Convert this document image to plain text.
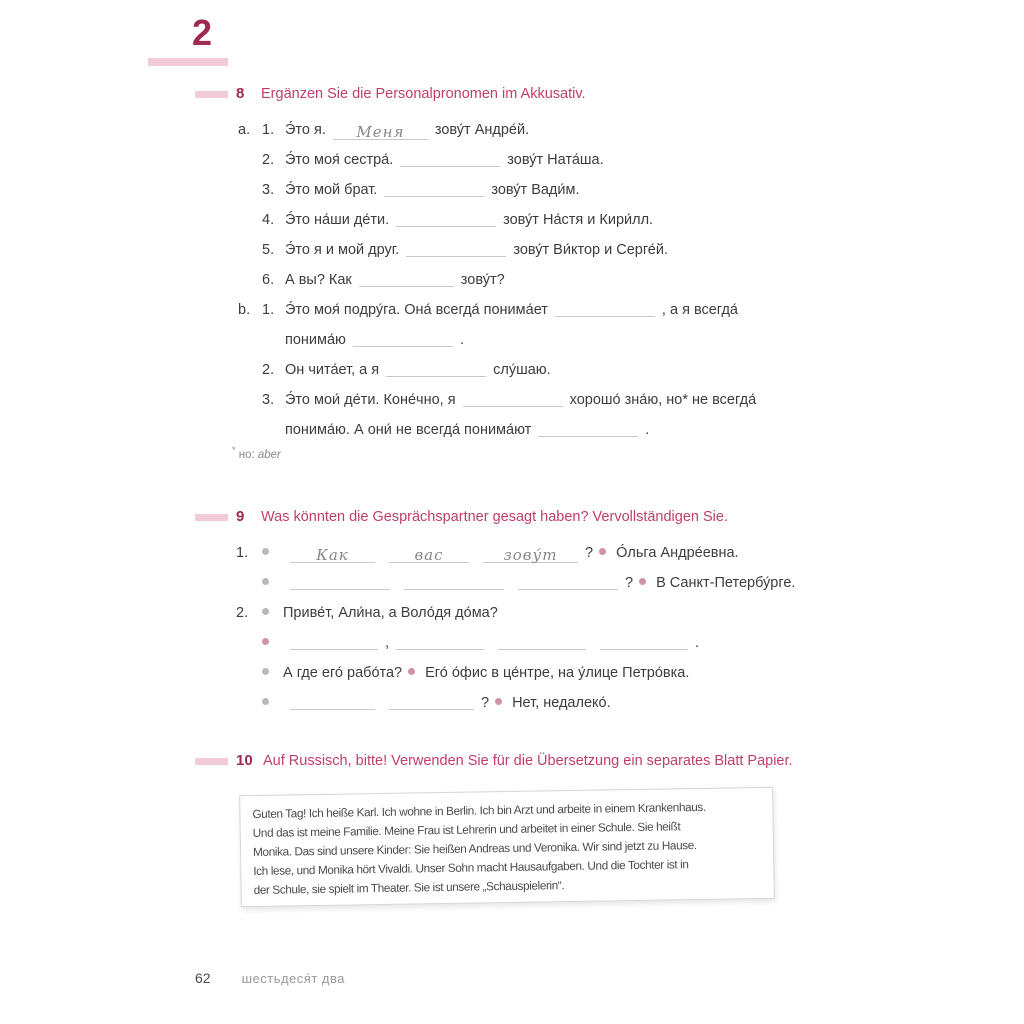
2
8 Ergänzen Sie die Personalpronomen im Akkusativ.
a. 1. Э́то я.	Меня	зову́т Андре́й.
2. Э́то моя́ сестра́.	зову́т Ната́ша.
3. Э́то мой брат.	зову́т Вади́м.
4. Э́то на́ши де́ти.	зову́т На́стя и Кири́лл.
5. Э́то я и мой друг.	зову́т Ви́ктор и Серге́й.
6. А вы? Как	зову́т?
b. 1. Э́то моя́ подру́га. Она́ всегда́ понима́ет	, а я всегда́
понима́ю	.
2. Он чита́ет, а я	слу́шаю.
3. Э́то мои́ де́ти. Коне́чно, я	хорошо́ зна́ю, но* не всегда́
понима́ю. А они́ не всегда́ понима́ют	.
* но: aber
9 Was könnten die Gesprächspartner gesagt haben? Vervollständigen Sie.
1.	Как	вас	зову́т	? О́льга Андре́евна.
? В Санкт-Петербу́рге.
2. Приве́т, Али́на, а Воло́дя до́ма?
,	.
А где его́ рабо́та? Его́ о́фис в це́нтре, на у́лице Петро́вка.
? Нет, недалеко́.
10 Auf Russisch, bitte! Verwenden Sie für die Übersetzung ein separates Blatt Papier.
Guten Tag! Ich heiße Karl. Ich wohne in Berlin. Ich bin Arzt und arbeite in einem Krankenhaus.
Und das ist meine Familie. Meine Frau ist Lehrerin und arbeitet in einer Schule. Sie heißt
Monika. Das sind unsere Kinder: Sie heißen Andreas und Veronika. Wir sind jetzt zu Hause.
Ich lese, und Monika hört Vivaldi. Unser Sohn macht Hausaufgaben. Und die Tochter ist in
der Schule, sie spielt im Theater. Sie ist unsere „Schauspielerin“.
62 шестьдеся́т два
